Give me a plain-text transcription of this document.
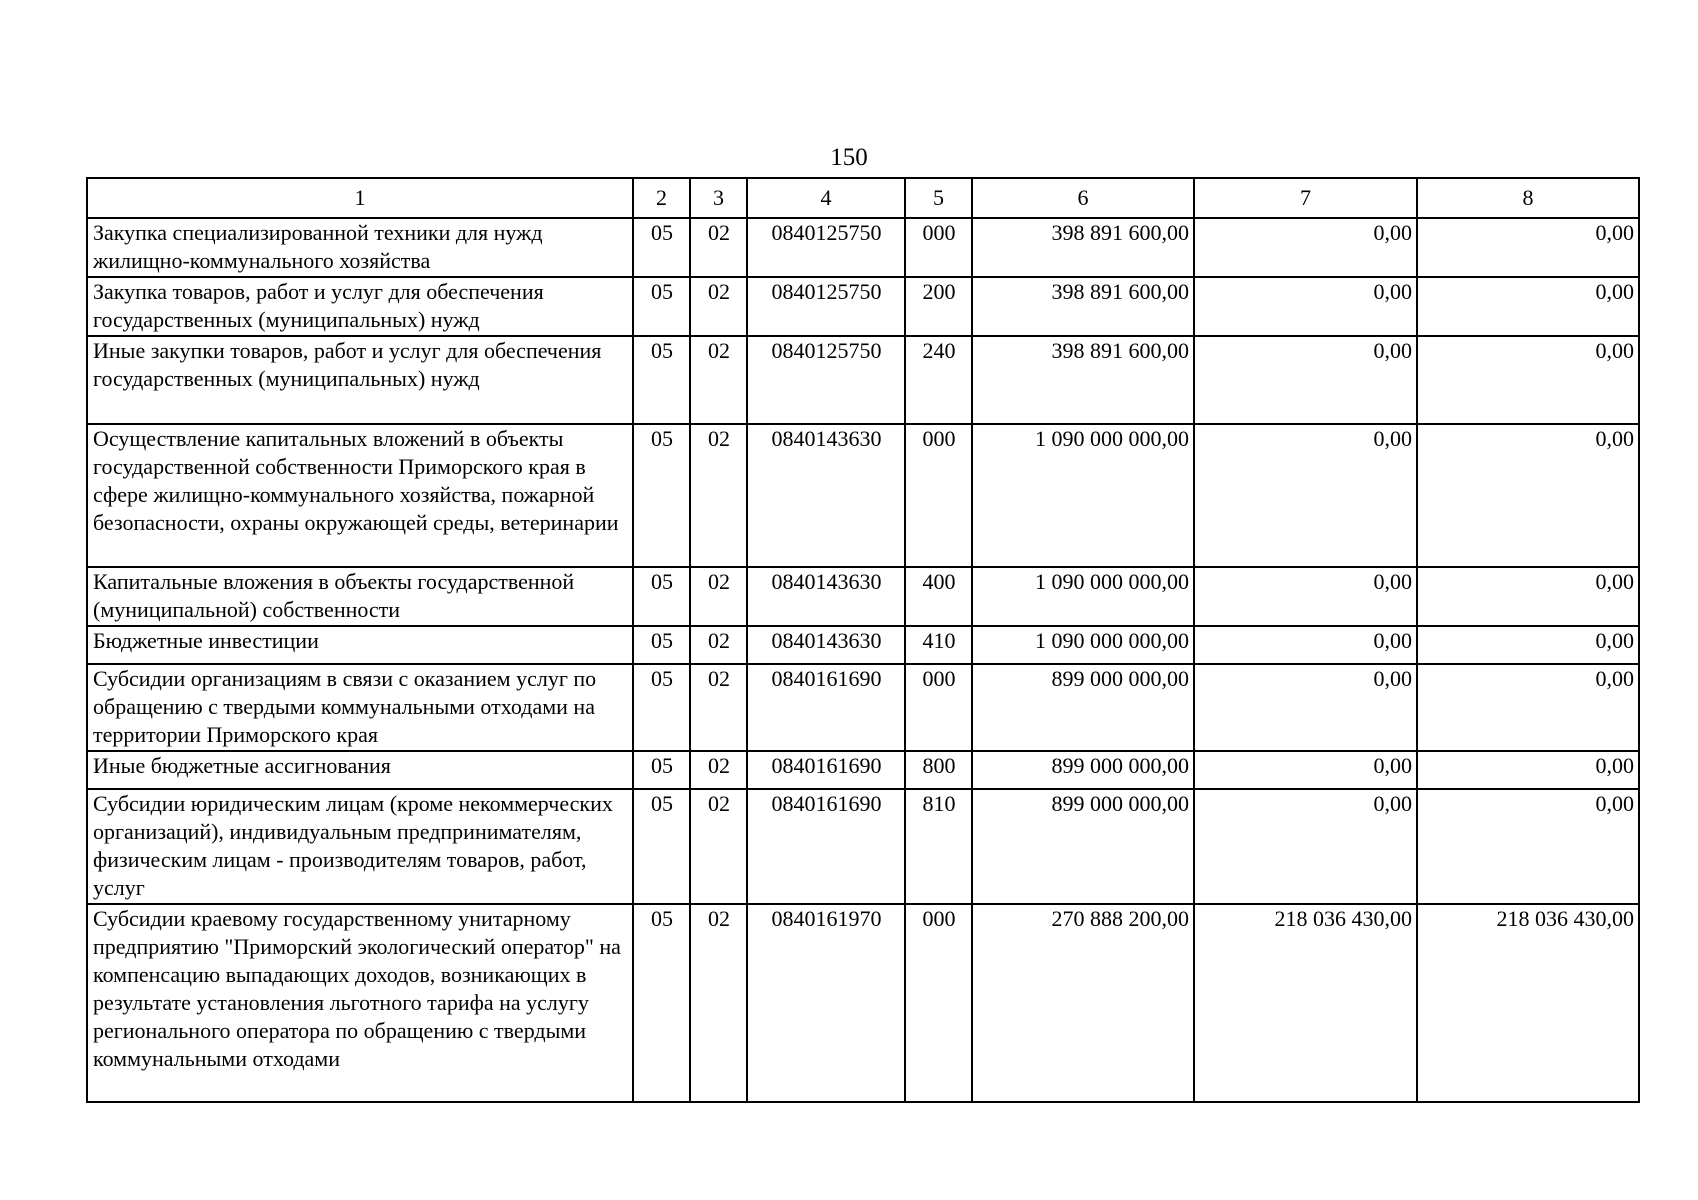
150
1	2	3	4	5	6	7	8
Закупка специализированной техники для нужд жилищно-коммунального хозяйства	05	02	0840125750	000	398 891 600,00	0,00	0,00
Закупка товаров, работ и услуг для обеспечения государственных (муниципальных) нужд	05	02	0840125750	200	398 891 600,00	0,00	0,00
Иные закупки товаров, работ и услуг для обеспечения государственных (муниципальных) нужд	05	02	0840125750	240	398 891 600,00	0,00	0,00
Осуществление капитальных вложений в объекты государственной собственности Приморского края в сфере жилищно-коммунального хозяйства, пожарной безопасности, охраны окружающей среды, ветеринарии	05	02	0840143630	000	1 090 000 000,00	0,00	0,00
Капитальные вложения в объекты государственной (муниципальной) собственности	05	02	0840143630	400	1 090 000 000,00	0,00	0,00
Бюджетные инвестиции	05	02	0840143630	410	1 090 000 000,00	0,00	0,00
Субсидии организациям в связи с оказанием услуг по обращению с твердыми коммунальными отходами на территории Приморского края	05	02	0840161690	000	899 000 000,00	0,00	0,00
Иные бюджетные ассигнования	05	02	0840161690	800	899 000 000,00	0,00	0,00
Субсидии юридическим лицам (кроме некоммерческих организаций), индивидуальным предпринимателям, физическим лицам - производителям товаров, работ, услуг	05	02	0840161690	810	899 000 000,00	0,00	0,00
Субсидии краевому государственному унитарному предприятию "Приморский экологический оператор" на компенсацию выпадающих доходов, возникающих в результате установления льготного тарифа на услугу регионального оператора по обращению с твердыми коммунальными отходами	05	02	0840161970	000	270 888 200,00	218 036 430,00	218 036 430,00
